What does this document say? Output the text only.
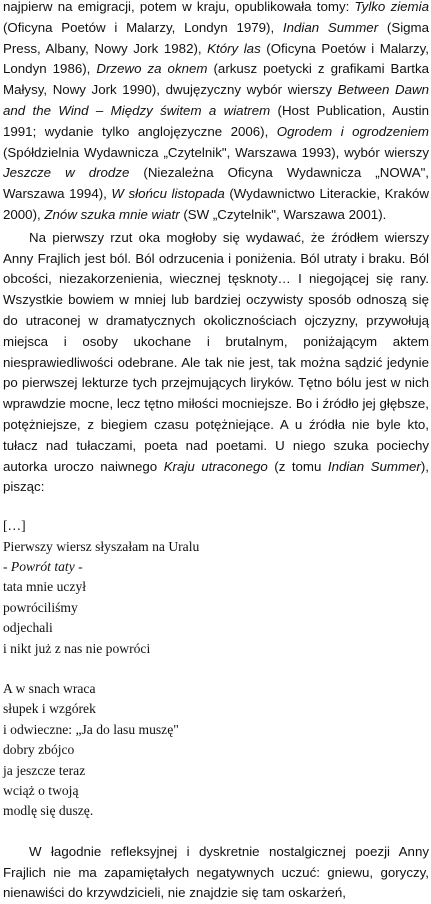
najpierw na emigracji, potem w kraju, opublikowała tomy: Tylko ziemia (Oficyna Poetów i Malarzy, Londyn 1979), Indian Summer (Sigma Press, Albany, Nowy Jork 1982), Który las (Oficyna Poetów i Malarzy, Londyn 1986), Drzewo za oknem (arkusz poetycki z grafikami Bartka Małysy, Nowy Jork 1990), dwujęzyczny wybór wierszy Between Dawn and the Wind – Między świtem a wiatrem (Host Publication, Austin 1991; wydanie tylko anglojęzyczne 2006), Ogrodem i ogrodzeniem (Spółdzielnia Wydawnicza „Czytelnik", Warszawa 1993), wybór wierszy Jeszcze w drodze (Niezależna Oficyna Wydawnicza „NOWA", Warszawa 1994), W słońcu listopada (Wydawnictwo Literackie, Kraków 2000), Znów szuka mnie wiatr (SW „Czytelnik", Warszawa 2001).

Na pierwszy rzut oka mogłoby się wydawać, że źródłem wierszy Anny Frajlich jest ból. Ból odrzucenia i poniżenia. Ból utraty i braku. Ból obcości, niezakorzenienia, wiecznej tęsknoty… I niegojącej się rany. Wszystkie bowiem w mniej lub bardziej oczywisty sposób odnoszą się do utraconej w dramatycznych okolicznościach ojczyzny, przywołują miejsca i osoby ukochane i brutalnym, poniżającym aktem niesprawiedliwości odebrane. Ale tak nie jest, tak można sądzić jedynie po pierwszej lekturze tych przejmujących liryków. Tętno bólu jest w nich wprawdzie mocne, lecz tętno miłości mocniejsze. Bo i źródło jej głębsze, potężniejsze, z biegiem czasu potężniejące. A u źródła nie byle kto, tułacz nad tułaczami, poeta nad poetami. U niego szuka pociechy autorka uroczo naiwnego Kraju utraconego (z tomu Indian Summer), pisząc:

[…]
Pierwszy wiersz słyszałam na Uralu
- Powrót taty -
tata mnie uczył
powróciliśmy
odjechali
i nikt już z nas nie powróci
A w snach wraca
słupek i wzgórek
i odwieczne: „Ja do lasu muszę"
dobry zbójco
ja jeszcze teraz
wciąż o twoją
modlę się duszę.

W łagodnie refleksyjnej i dyskretnie nostalgicznej poezji Anny Frajlich nie ma zapamiętałych negatywnych uczuć: gniewu, goryczy, nienawiści do krzywdzicieli, nie znajdzie się tam oskarżeń,
